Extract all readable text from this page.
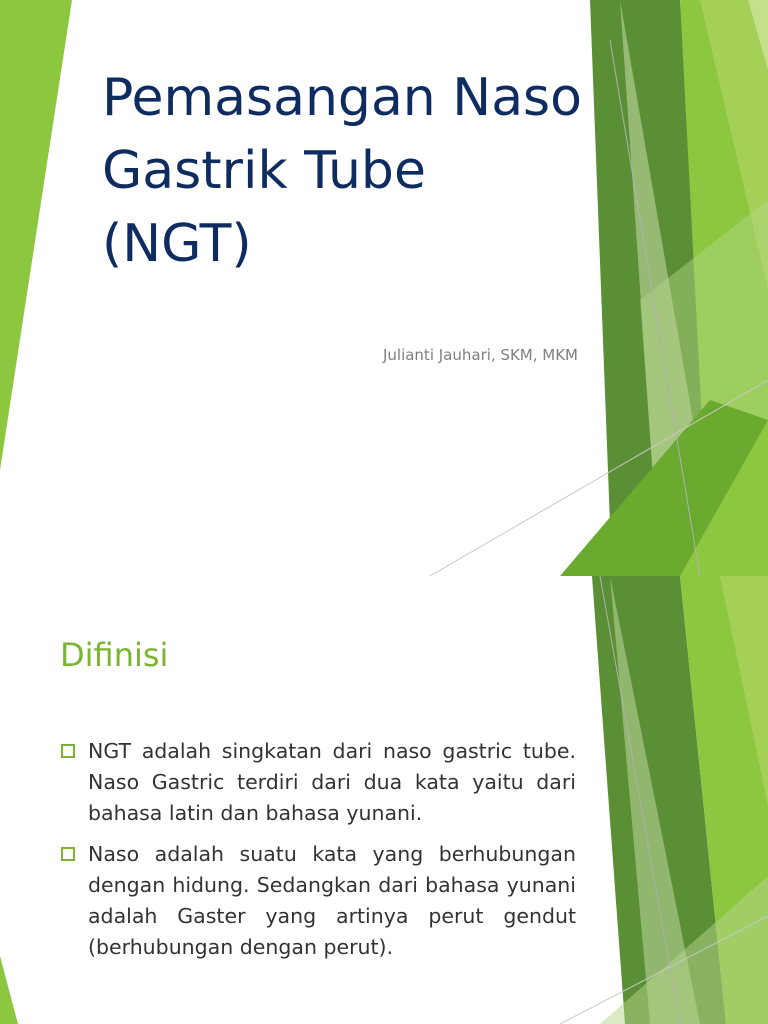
Pemasangan Naso
Gastrik Tube
(NGT)
Julianti Jauhari, SKM, MKM
Difinisi
NGT adalah singkatan dari naso gastric tube. Naso Gastric terdiri dari dua kata yaitu dari bahasa latin dan bahasa yunani.
Naso adalah suatu kata yang berhubungan dengan hidung. Sedangkan dari bahasa yunani adalah Gaster yang artinya perut gendut (berhubungan dengan perut).
